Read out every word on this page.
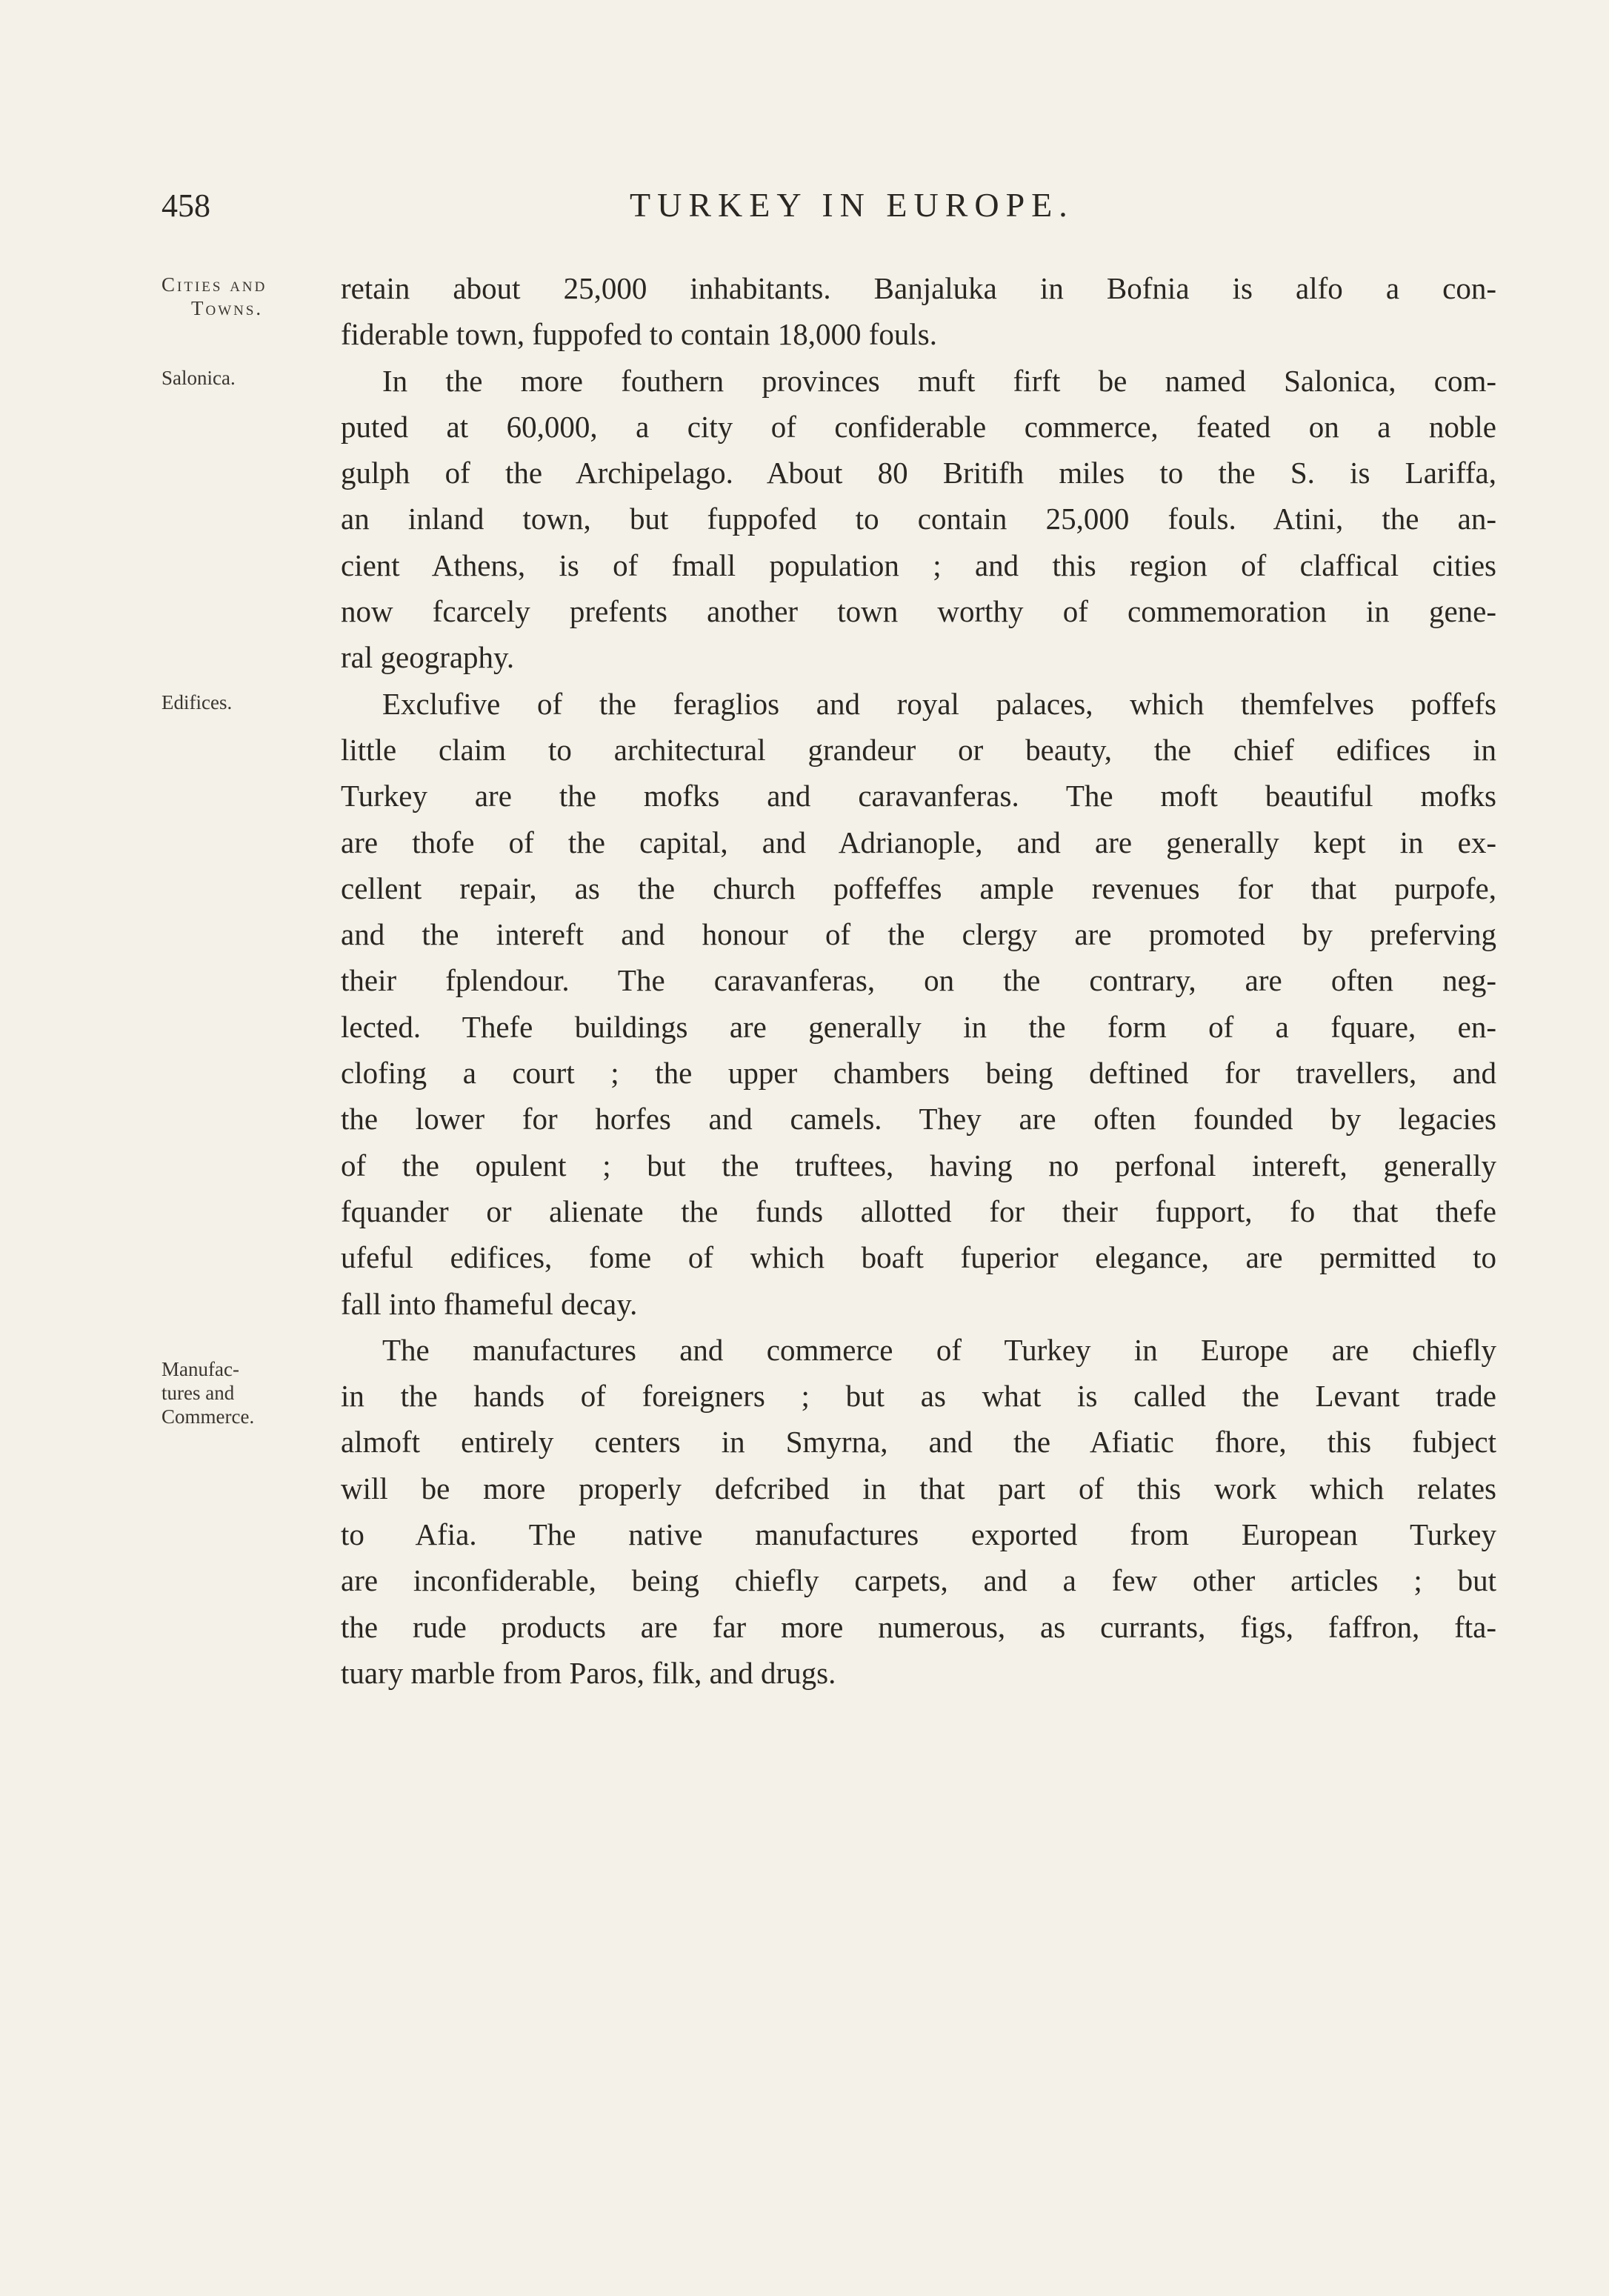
458	TURKEY IN EUROPE.
Cities and
Towns.
Salonica.
Edifices.
Manufac-
tures and
Commerce.
retain about 25,000 inhabitants. Banjaluka in Bofnia is alfo a con-
fiderable town, fuppofed to contain 18,000 fouls.
In the more fouthern provinces muft firft be named Salonica, com-
puted at 60,000, a city of confiderable commerce, feated on a noble
gulph of the Archipelago. About 80 Britifh miles to the S. is Lariffa,
an inland town, but fuppofed to contain 25,000 fouls. Atini, the an-
cient Athens, is of fmall population ; and this region of claffical cities
now fcarcely prefents another town worthy of commemoration in gene-
ral geography.
Exclufive of the feraglios and royal palaces, which themfelves poffefs
little claim to architectural grandeur or beauty, the chief edifices in
Turkey are the mofks and caravanferas. The moft beautiful mofks
are thofe of the capital, and Adrianople, and are generally kept in ex-
cellent repair, as the church poffeffes ample revenues for that purpofe,
and the intereft and honour of the clergy are promoted by preferving
their fplendour. The caravanferas, on the contrary, are often neg-
lected. Thefe buildings are generally in the form of a fquare, en-
clofing a court ; the upper chambers being deftined for travellers, and
the lower for horfes and camels. They are often founded by legacies
of the opulent ; but the truftees, having no perfonal intereft, generally
fquander or alienate the funds allotted for their fupport, fo that thefe
ufeful edifices, fome of which boaft fuperior elegance, are permitted to
fall into fhameful decay.
The manufactures and commerce of Turkey in Europe are chiefly
in the hands of foreigners ; but as what is called the Levant trade
almoft entirely centers in Smyrna, and the Afiatic fhore, this fubject
will be more properly defcribed in that part of this work which relates
to Afia. The native manufactures exported from European Turkey
are inconfiderable, being chiefly carpets, and a few other articles ; but
the rude products are far more numerous, as currants, figs, faffron, fta-
tuary marble from Paros, filk, and drugs.
